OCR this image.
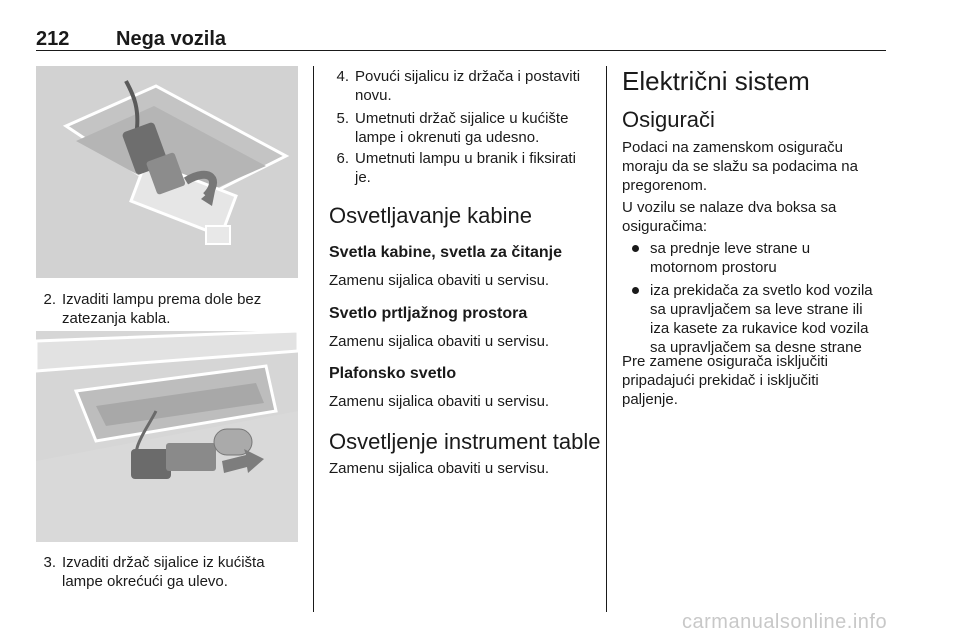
212 Nega vozila
2. Izvaditi lampu prema dole bez
zatezanja kabla.
3. Izvaditi držač sijalice iz kućišta
lampe okrećući ga ulevo.
4. Povući sijalicu iz držača i postaviti
novu.
5. Umetnuti držač sijalice u kućište
lampe i okrenuti ga udesno.
6. Umetnuti lampu u branik i fiksirati
je.
Osvetljavanje kabine
Svetla kabine, svetla za čitanje
Zamenu sijalica obaviti u servisu.
Svetlo prtljažnog prostora
Zamenu sijalica obaviti u servisu.
Plafonsko svetlo
Zamenu sijalica obaviti u servisu.
Osvetljenje instrument table
Zamenu sijalica obaviti u servisu.
Električni sistem
Osigurači
Podaci na zamenskom osiguraču
moraju da se slažu sa podacima na
pregorenom.
U vozilu se nalaze dva boksa sa
osiguračima:
sa prednje leve strane u
motornom prostoru
iza prekidača za svetlo kod vozila
sa upravljačem sa leve strane ili
iza kasete za rukavice kod vozila
sa upravljačem sa desne strane
Pre zamene osigurača isključiti
pripadajući prekidač i isključiti
paljenje.
carmanualsonline.info
